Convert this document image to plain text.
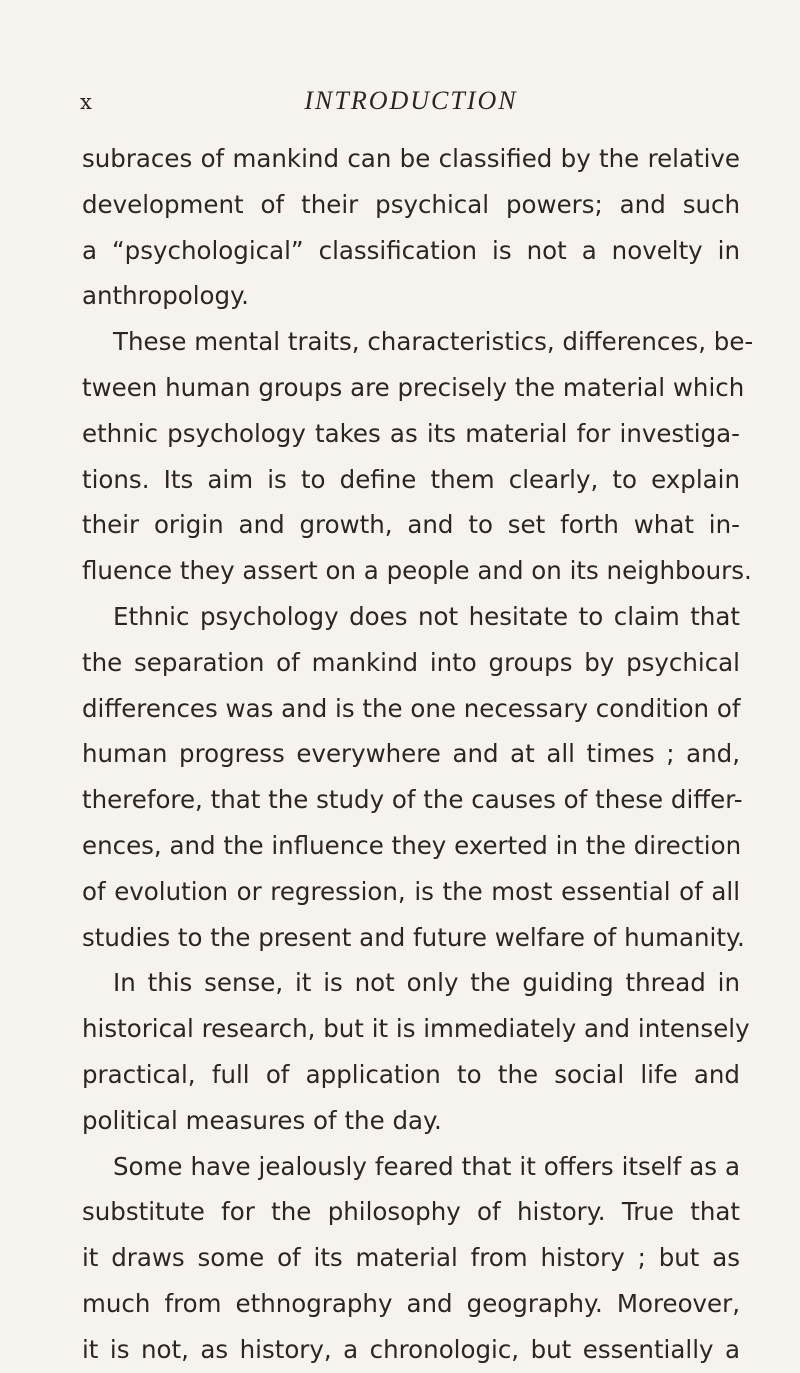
x	INTRODUCTION
subraces of mankind can be classified by the relative
development of their psychical powers; and such
a “psychological” classification is not a novelty in
anthropology.
These mental traits, characteristics, differences, be-
tween human groups are precisely the material which
ethnic psychology takes as its material for investiga-
tions. Its aim is to define them clearly, to explain
their origin and growth, and to set forth what in-
fluence they assert on a people and on its neighbours.
Ethnic psychology does not hesitate to claim that
the separation of mankind into groups by psychical
differences was and is the one necessary condition of
human progress everywhere and at all times ; and,
therefore, that the study of the causes of these differ-
ences, and the influence they exerted in the direction
of evolution or regression, is the most essential of all
studies to the present and future welfare of humanity.
In this sense, it is not only the guiding thread in
historical research, but it is immediately and intensely
practical, full of application to the social life and
political measures of the day.
Some have jealously feared that it offers itself as a
substitute for the philosophy of history. True that
it draws some of its material from history ; but as
much from ethnography and geography. Moreover,
it is not, as history, a chronologic, but essentially a
